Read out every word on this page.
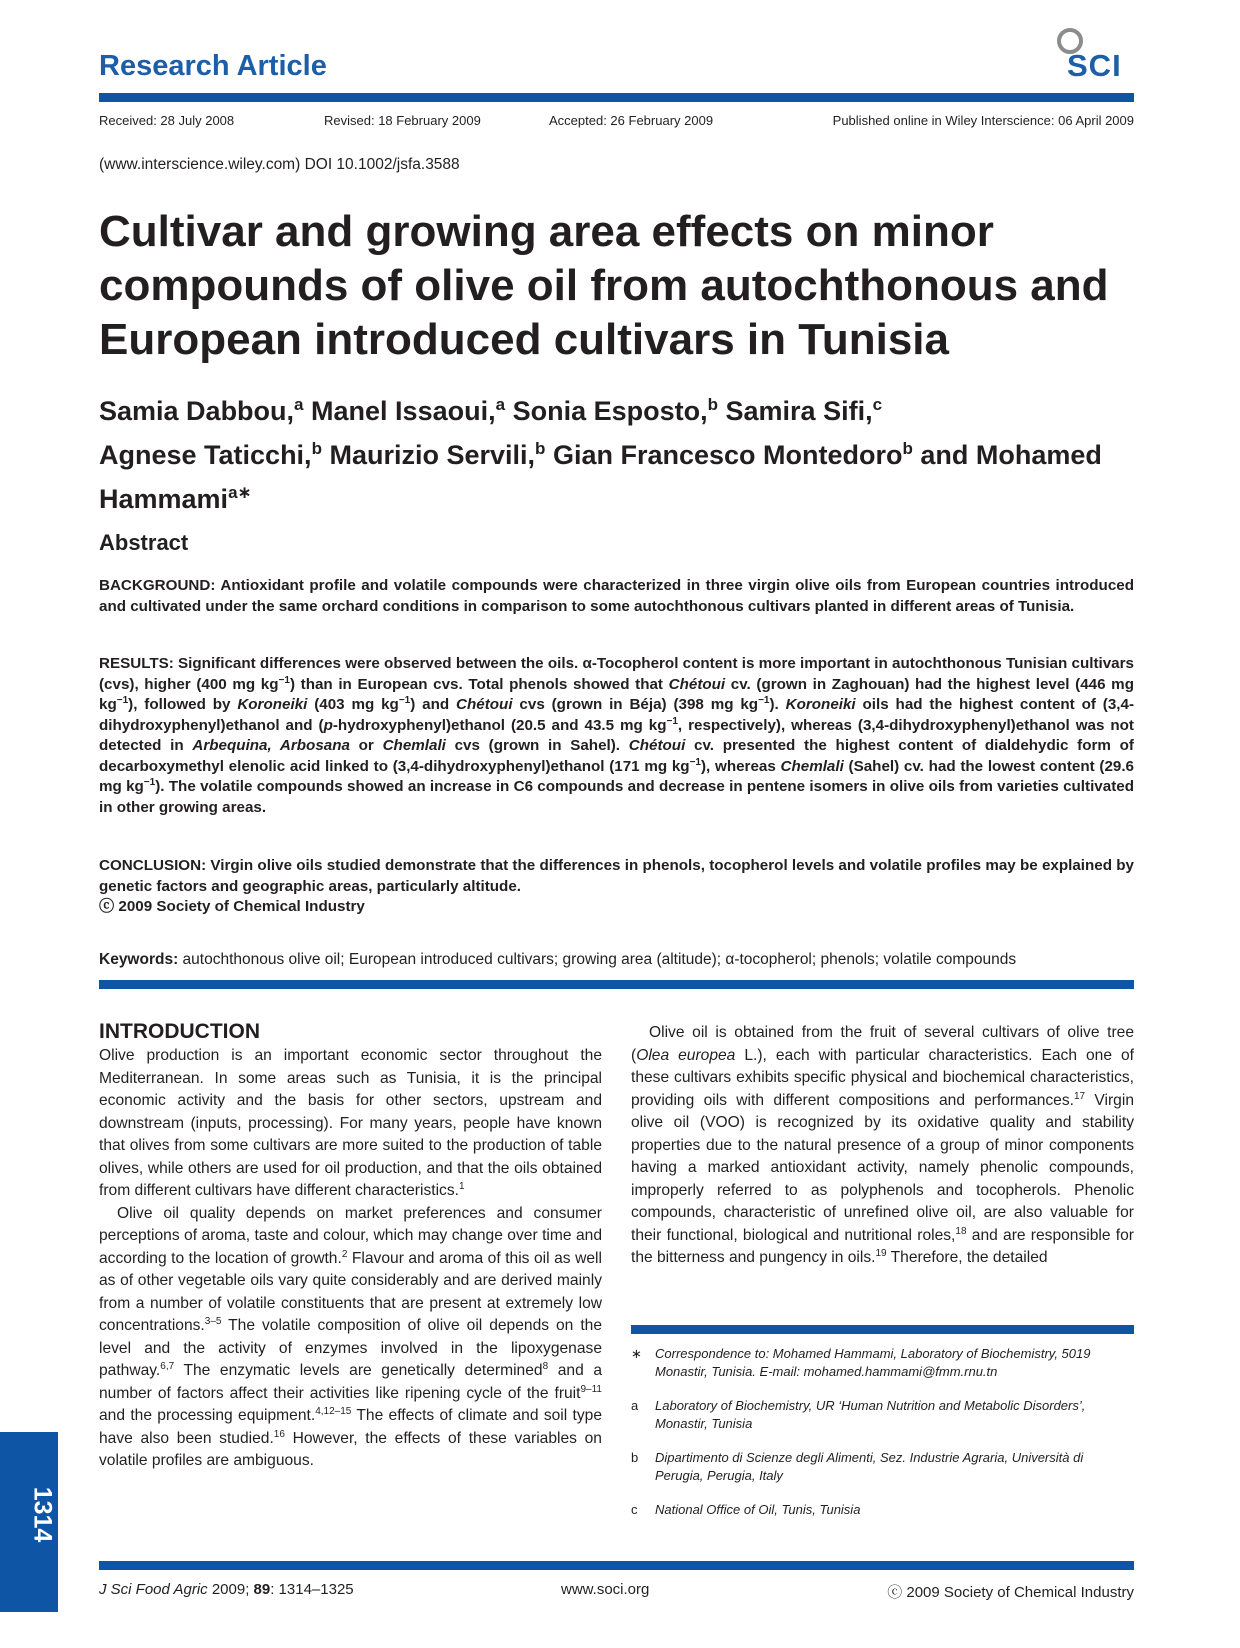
Research Article	SCI
Received: 28 July 2008	Revised: 18 February 2009	Accepted: 26 February 2009	Published online in Wiley Interscience: 06 April 2009
(www.interscience.wiley.com) DOI 10.1002/jsfa.3588
Cultivar and growing area effects on minor compounds of olive oil from autochthonous and European introduced cultivars in Tunisia
Samia Dabbou,$^a$ Manel Issaoui,$^a$ Sonia Esposto,$^b$ Samira Sifi,$^c$
Agnese Taticchi,$^b$ Maurizio Servili,$^b$ Gian Francesco Montedoro$^b$ and Mohamed Hammami$^{a∗}$
Abstract
BACKGROUND: Antioxidant profile and volatile compounds were characterized in three virgin olive oils from European countries introduced and cultivated under the same orchard conditions in comparison to some autochthonous cultivars planted in different areas of Tunisia.
RESULTS: Significant differences were observed between the oils. α-Tocopherol content is more important in autochthonous Tunisian cultivars (cvs), higher (400 mg $kg^{-1}$) than in European cvs. Total phenols showed that Chétoui cv. (grown in Zaghouan) had the highest level (446 mg $kg^{-1}$), followed by Koroneiki (403 mg $kg^{-1}$) and Chétoui cvs (grown in Béja) (398 mg $kg^{-1}$). Koroneiki oils had the highest content of (3,4-dihydroxyphenyl)ethanol and (p-hydroxyphenyl)ethanol (20.5 and 43.5 mg $kg^{-1}$, respectively), whereas (3,4-dihydroxyphenyl)ethanol was not detected in Arbequina, Arbosana or Chemlali cvs (grown in Sahel). Chétoui cv. presented the highest content of dialdehydic form of decarboxymethyl elenolic acid linked to (3,4-dihydroxyphenyl)ethanol (171 mg $kg^{-1}$), whereas Chemlali (Sahel) cv. had the lowest content (29.6 mg $kg^{-1}$). The volatile compounds showed an increase in C6 compounds and decrease in pentene isomers in olive oils from varieties cultivated in other growing areas.
CONCLUSION: Virgin olive oils studied demonstrate that the differences in phenols, tocopherol levels and volatile profiles may be explained by genetic factors and geographic areas, particularly altitude.
ⓒ 2009 Society of Chemical Industry
Keywords: autochthonous olive oil; European introduced cultivars; growing area (altitude); α-tocopherol; phenols; volatile compounds
INTRODUCTION
Olive production is an important economic sector throughout the Mediterranean. In some areas such as Tunisia, it is the principal economic activity and the basis for other sectors, upstream and downstream (inputs, processing). For many years, people have known that olives from some cultivars are more suited to the production of table olives, while others are used for oil production, and that the oils obtained from different cultivars have different characteristics.$^1$
Olive oil quality depends on market preferences and consumer perceptions of aroma, taste and colour, which may change over time and according to the location of growth.$^2$ Flavour and aroma of this oil as well as of other vegetable oils vary quite considerably and are derived mainly from a number of volatile constituents that are present at extremely low concentrations.$^{3-5}$ The volatile composition of olive oil depends on the level and the activity of enzymes involved in the lipoxygenase pathway.$^{6,7}$ The enzymatic levels are genetically determined$^8$ and a number of factors affect their activities like ripening cycle of the fruit$^{9-11}$ and the processing equipment.$^{4,12-15}$ The effects of climate and soil type have also been studied.$^{16}$ However, the effects of these variables on volatile profiles are ambiguous.
Olive oil is obtained from the fruit of several cultivars of olive tree (Olea europea L.), each with particular characteristics. Each one of these cultivars exhibits specific physical and biochemical characteristics, providing oils with different compositions and performances.$^{17}$ Virgin olive oil (VOO) is recognized by its oxidative quality and stability properties due to the natural presence of a group of minor components having a marked antioxidant activity, namely phenolic compounds, improperly referred to as polyphenols and tocopherols. Phenolic compounds, characteristic of unrefined olive oil, are also valuable for their functional, biological and nutritional roles,$^{18}$ and are responsible for the bitterness and pungency in oils.$^{19}$ Therefore, the detailed
∗	Correspondence to: Mohamed Hammami, Laboratory of Biochemistry, 5019 Monastir, Tunisia. E-mail: mohamed.hammami@fmm.rnu.tn
a	Laboratory of Biochemistry, UR ‘Human Nutrition and Metabolic Disorders’, Monastir, Tunisia
b	Dipartimento di Scienze degli Alimenti, Sez. Industrie Agraria, Università di Perugia, Perugia, Italy
c	National Office of Oil, Tunis, Tunisia
1314
J Sci Food Agric 2009; 89: 1314–1325	www.soci.org	ⓒ 2009 Society of Chemical Industry
